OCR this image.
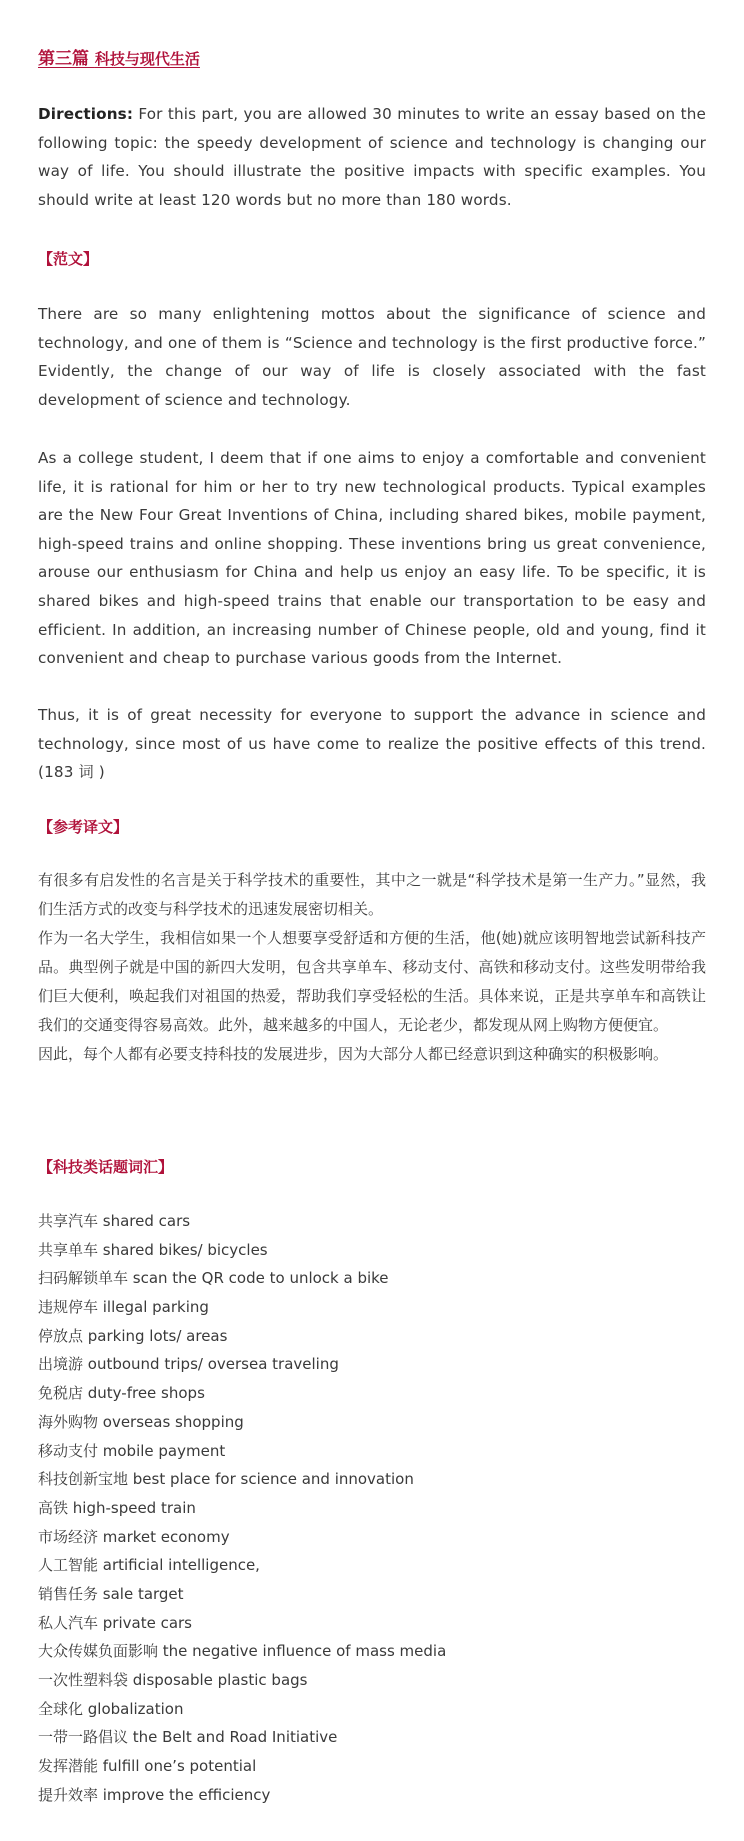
第三篇 科技与现代生活
Directions: For this part, you are allowed 30 minutes to write an essay based on the following topic: the speedy development of science and technology is changing our way of life. You should illustrate the positive impacts with specific examples. You should write at least 120 words but no more than 180 words.
【范文】
There are so many enlightening mottos about the significance of science and technology, and one of them is “Science and technology is the first productive force.” Evidently, the change of our way of life is closely associated with the fast development of science and technology.
As a college student, I deem that if one aims to enjoy a comfortable and convenient life, it is rational for him or her to try new technological products. Typical examples are the New Four Great Inventions of China, including shared bikes, mobile payment, high-speed trains and online shopping. These inventions bring us great convenience, arouse our enthusiasm for China and help us enjoy an easy life. To be specific, it is shared bikes and high-speed trains that enable our transportation to be easy and efficient. In addition, an increasing number of Chinese people, old and young, find it convenient and cheap to purchase various goods from the Internet.
Thus, it is of great necessity for everyone to support the advance in science and technology, since most of us have come to realize the positive effects of this trend. (183 词 )
【参考译文】

有很多有启发性的名言是关于科学技术的重要性，其中之一就是“科学技术是第一生产力。”显然，我们生活方式的改变与科学技术的迅速发展密切相关。

作为一名大学生，我相信如果一个人想要享受舒适和方便的生活，他(她)就应该明智地尝试新科技产品。典型例子就是中国的新四大发明，包含共享单车、移动支付、高铁和移动支付。这些发明带给我们巨大便利，唤起我们对祖国的热爱，帮助我们享受轻松的生活。具体来说，正是共享单车和高铁让我们的交通变得容易高效。此外，越来越多的中国人，无论老少，都发现从网上购物方便便宜。

因此，每个人都有必要支持科技的发展进步，因为大部分人都已经意识到这种确实的积极影响。

【科技类话题词汇】
共享汽车 shared cars
共享单车 shared bikes/ bicycles
扫码解锁单车 scan the QR code to unlock a bike
违规停车 illegal parking
停放点 parking lots/ areas
出境游 outbound trips/ oversea traveling
免税店 duty-free shops
海外购物 overseas shopping
移动支付 mobile payment
科技创新宝地 best place for science and innovation
高铁 high-speed train
市场经济 market economy
人工智能 artificial intelligence,
销售任务 sale target
私人汽车 private cars
大众传媒负面影响 the negative influence of mass media
一次性塑料袋 disposable plastic bags
全球化 globalization
一带一路倡议 the Belt and Road Initiative
发挥潜能 fulfill one’s potential
提升效率 improve the efficiency
